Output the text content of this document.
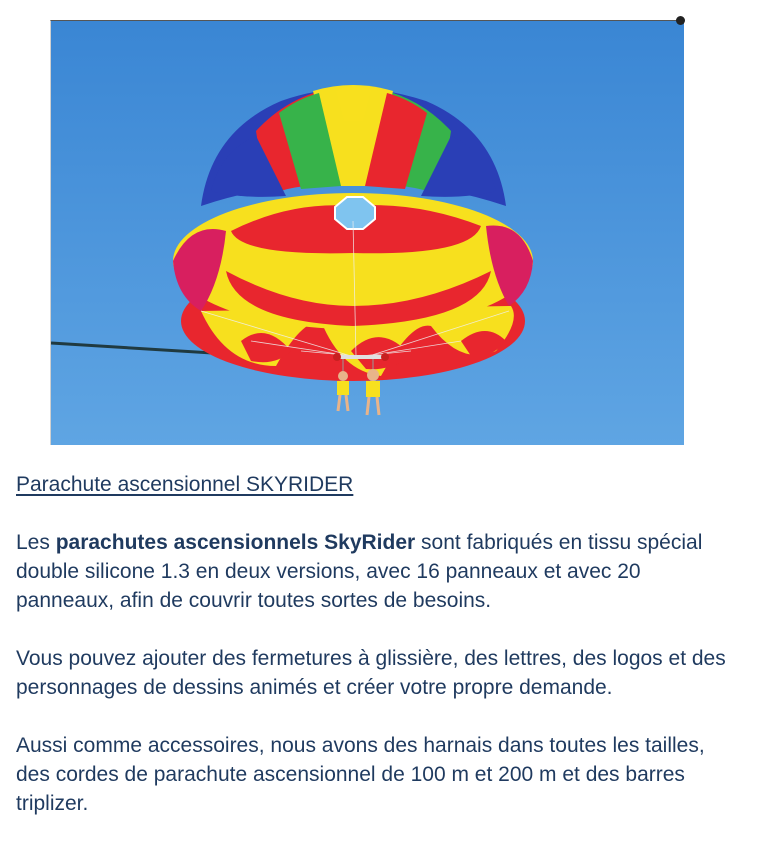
Parachute ascensionnel SKYRIDER

Les parachutes ascensionnels SkyRider sont fabriqués en tissu spécial double silicone 1.3 en deux versions, avec 16 panneaux et avec 20 panneaux, afin de couvrir toutes sortes de besoins.

Vous pouvez ajouter des fermetures à glissière, des lettres, des logos et des personnages de dessins animés et créer votre propre demande.

Aussi comme accessoires, nous avons des harnais dans toutes les tailles, des cordes de parachute ascensionnel de 100 m et 200 m et des barres triplizer.
